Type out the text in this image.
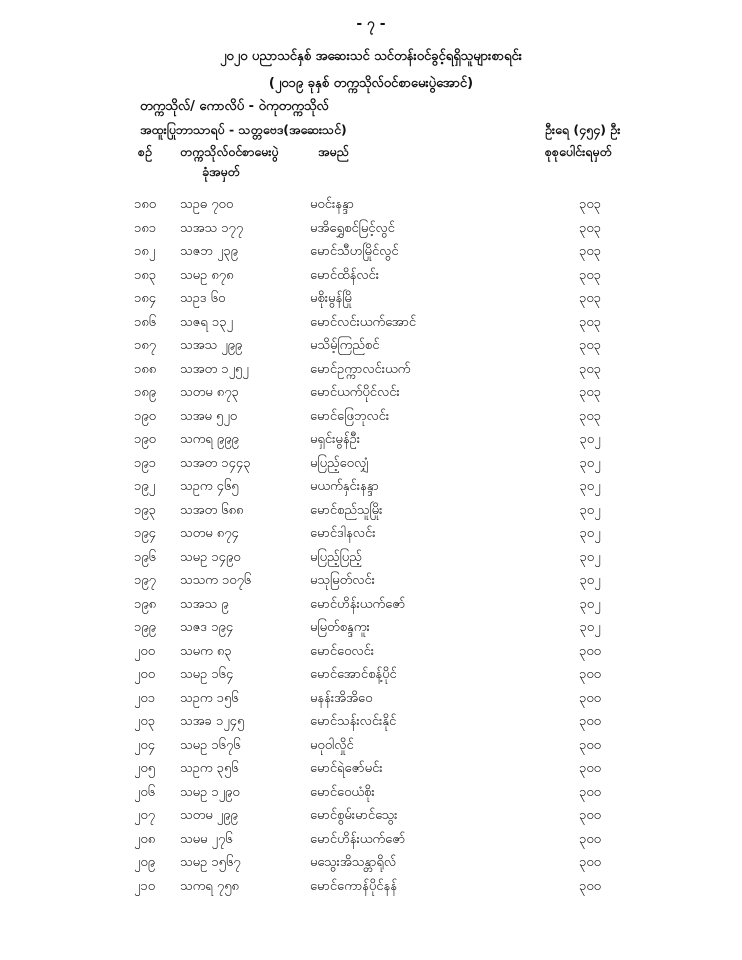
- ၇ -
၂၀၂၀ ပညာသင်နှစ် အဆေးသင် သင်တန်းဝင်ခွင့်ရရှိသူများစာရင်း
(၂၀၁၉ ခုနှစ် တက္ကသိုလ်ဝင်စာမေးပွဲအောင်)
တက္ကသိုလ်/ ကောလိပ် - ဝဲကုတက္ကသိုလ်
အထူးပြုဘာသာရပ် - သတ္တဗေဒ(အဆေးသင်)	ဦးရေ (၄၅၄) ဦး
စဉ် တက္ကသိုလ်ဝင်စာမေးပွဲ
ခုံအမှတ်
အမည်	စုစုပေါင်းရမှတ်
၁၈၀	သဥဓ ၇၀၀	မဝင်းနန္ဒာ	၃၀၃
၁၈၁	သအသ ၁၇၇	မအိရွှေစင်မြင့်လွင်	၃၀၃
၁၈၂	သဇဘ ၂၃၉	မောင်သီဟမြိုင်လွင်	၃၀၃
၁၈၃	သမဥ ၈၇၈	မောင်ထိန်လင်း	၃၀၃
၁၈၄	သဥဒ ၆၀	မစိုးမွန်မြို	၃၀၃
၁၈၆	သဇရ ၁၃၂	မောင်လင်းယက်အောင်	၃၀၃
၁၈၇	သအသ ၂၉၉	မသိမ့်ကြည်စင်	၃၀၃
၁၈၈	သအတ ၁၂၅၂	မောင်ဥက္ကာလင်းယက်	၃၀၃
၁၈၉	သတမ ၈၇၃	မောင်ယက်ပိုင်လင်း	၃၀၃
၁၉၀	သအမ ၅၂၀	မောင်ဖြေဘုလင်း	၃၀၃
၁၉၀	သကရ ၉၉၉	မရှင်းမွန်ဦး	၃၀၂
၁၉၁	သအတ ၁၄၄၃	မပြည့်ဝေလျှံ	၃၀၂
၁၉၂	သဥက ၄၆၅	မယက်နှင်းနန္ဒာ	၃၀၂
၁၉၃	သအတ ၆၈၈	မောင်စည်သူမြိုး	၃၀၂
၁၉၄	သတမ ၈၇၄	မောင်ဒါနလင်း	၃၀၂
၁၉၆	သမဥ ၁၄၉၀	မပြည့်ပြည့်	၃၀၂
၁၉၇	သသက ၁၀၇၆	မသုမြတ်လင်း	၃၀၂
၁၉၈	သအသ ၉	မောင်ဟိန်းယက်ဇော်	၃၀၂
၁၉၉	သဇဒ ၁၉၄	မမြတ်စန္ဒကူး	၃၀၂
၂၀၀	သမက ၈၃	မောင်ဝေလင်း	၃၀၀
၂၀၀	သမဥ ၁၆၄	မောင်အောင်စန့်ပိုင်	၃၀၀
၂၀၁	သဥက ၁၅၆	မနန်းအိအိဝေ	၃၀၀
၂၀၃	သအခ ၁၂၄၅	မောင်သန်းလင်းနိုင်	၃၀၀
၂၀၄	သမဥ ၁၆၇၆	မဝုဝါလှိုင်	၃၀၀
၂၀၅	သဥက ၃၅၆	မောင်ရဲဇော်မင်း	၃၀၀
၂၀၆	သမဥ ၁၂၉၀	မောင်ဝေယံစိုး	၃၀၀
၂၀၇	သတမ ၂၉၉	မောင်စွမ်းမာင်သွေး	၃၀၀
၂၀၈	သမမ ၂၇၆	မောင်ဟိန်းယက်ဇော်	၃၀၀
၂၀၉	သမဥ ၁၅၆၇	မသွေးအိသန္တာရိုလ်	၃၀၀
၂၁၀	သကရ ၇၅၈	မောင်ကောန်ပိုင်နန်	၃၀၀
